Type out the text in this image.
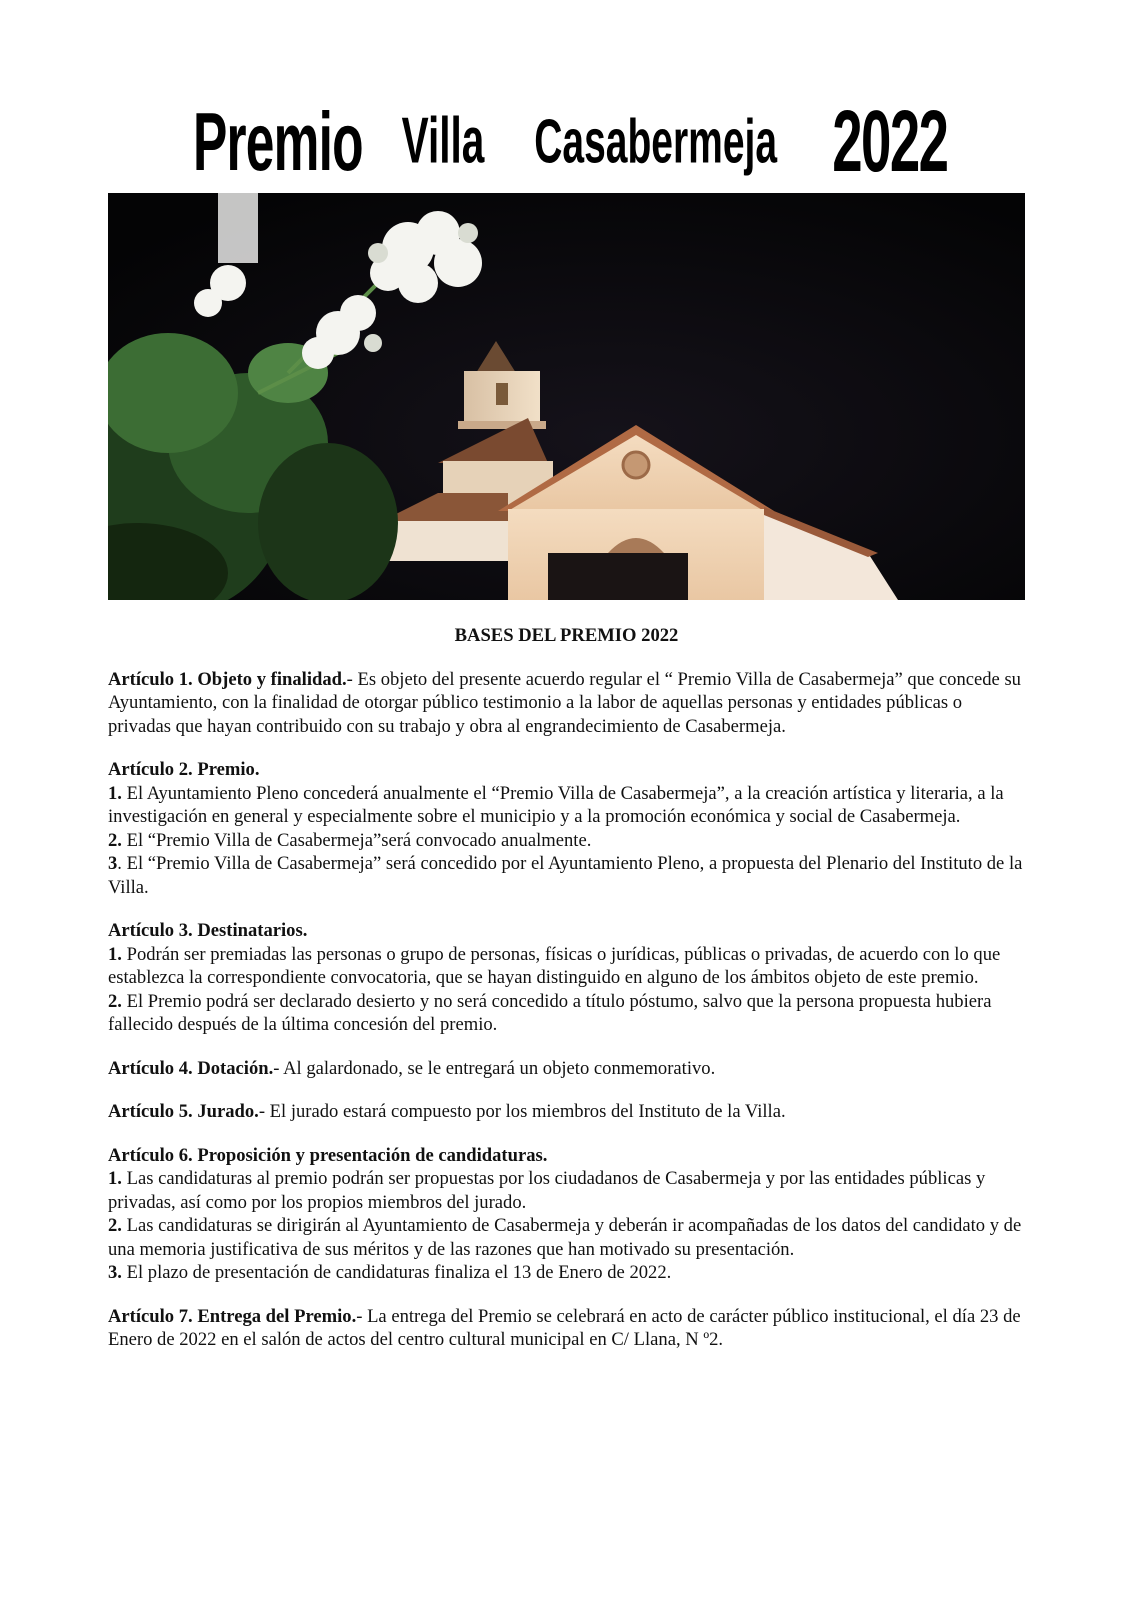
Premio Villa Casabermeja 2022

BASES DEL PREMIO 2022

Artículo 1. Objeto y finalidad.- Es objeto del presente acuerdo regular el “ Premio Villa de Casabermeja” que concede su Ayuntamiento, con la finalidad de otorgar público testimonio a la labor de aquellas personas y entidades públicas o privadas que hayan contribuido con su trabajo y obra al engrandecimiento de Casabermeja.

Artículo 2. Premio.

1. El Ayuntamiento Pleno concederá anualmente el “Premio Villa de Casabermeja”, a la creación artística y literaria, a la investigación en general y especialmente sobre el municipio y a la promoción económica y social de Casabermeja.

2. El “Premio Villa de Casabermeja”será convocado anualmente.

3. El “Premio Villa de Casabermeja” será concedido por el Ayuntamiento Pleno, a propuesta del Plenario del Instituto de la Villa.

Artículo 3. Destinatarios.

1. Podrán ser premiadas las personas o grupo de personas, físicas o jurídicas, públicas o privadas, de acuerdo con lo que establezca la correspondiente convocatoria, que se hayan distinguido en alguno de los ámbitos objeto de este premio.

2. El Premio podrá ser declarado desierto y no será concedido a título póstumo, salvo que la persona propuesta hubiera fallecido después de la última concesión del premio.

Artículo 4. Dotación.- Al galardonado, se le entregará un objeto conmemorativo.

Artículo 5. Jurado.- El jurado estará compuesto por los miembros del Instituto de la Villa.

Artículo 6. Proposición y presentación de candidaturas.

1. Las candidaturas al premio podrán ser propuestas por los ciudadanos de Casabermeja y por las entidades públicas y privadas, así como por los propios miembros del jurado.

2. Las candidaturas se dirigirán al Ayuntamiento de Casabermeja y deberán ir acompañadas de los datos del candidato y de una memoria justificativa de sus méritos y de las razones que han motivado su presentación.

3. El plazo de presentación de candidaturas finaliza el 13 de Enero de 2022.

Artículo 7. Entrega del Premio.- La entrega del Premio se celebrará en acto de carácter público institucional, el día 23 de Enero de 2022 en el salón de actos del centro cultural municipal en C/ Llana, N º2.
